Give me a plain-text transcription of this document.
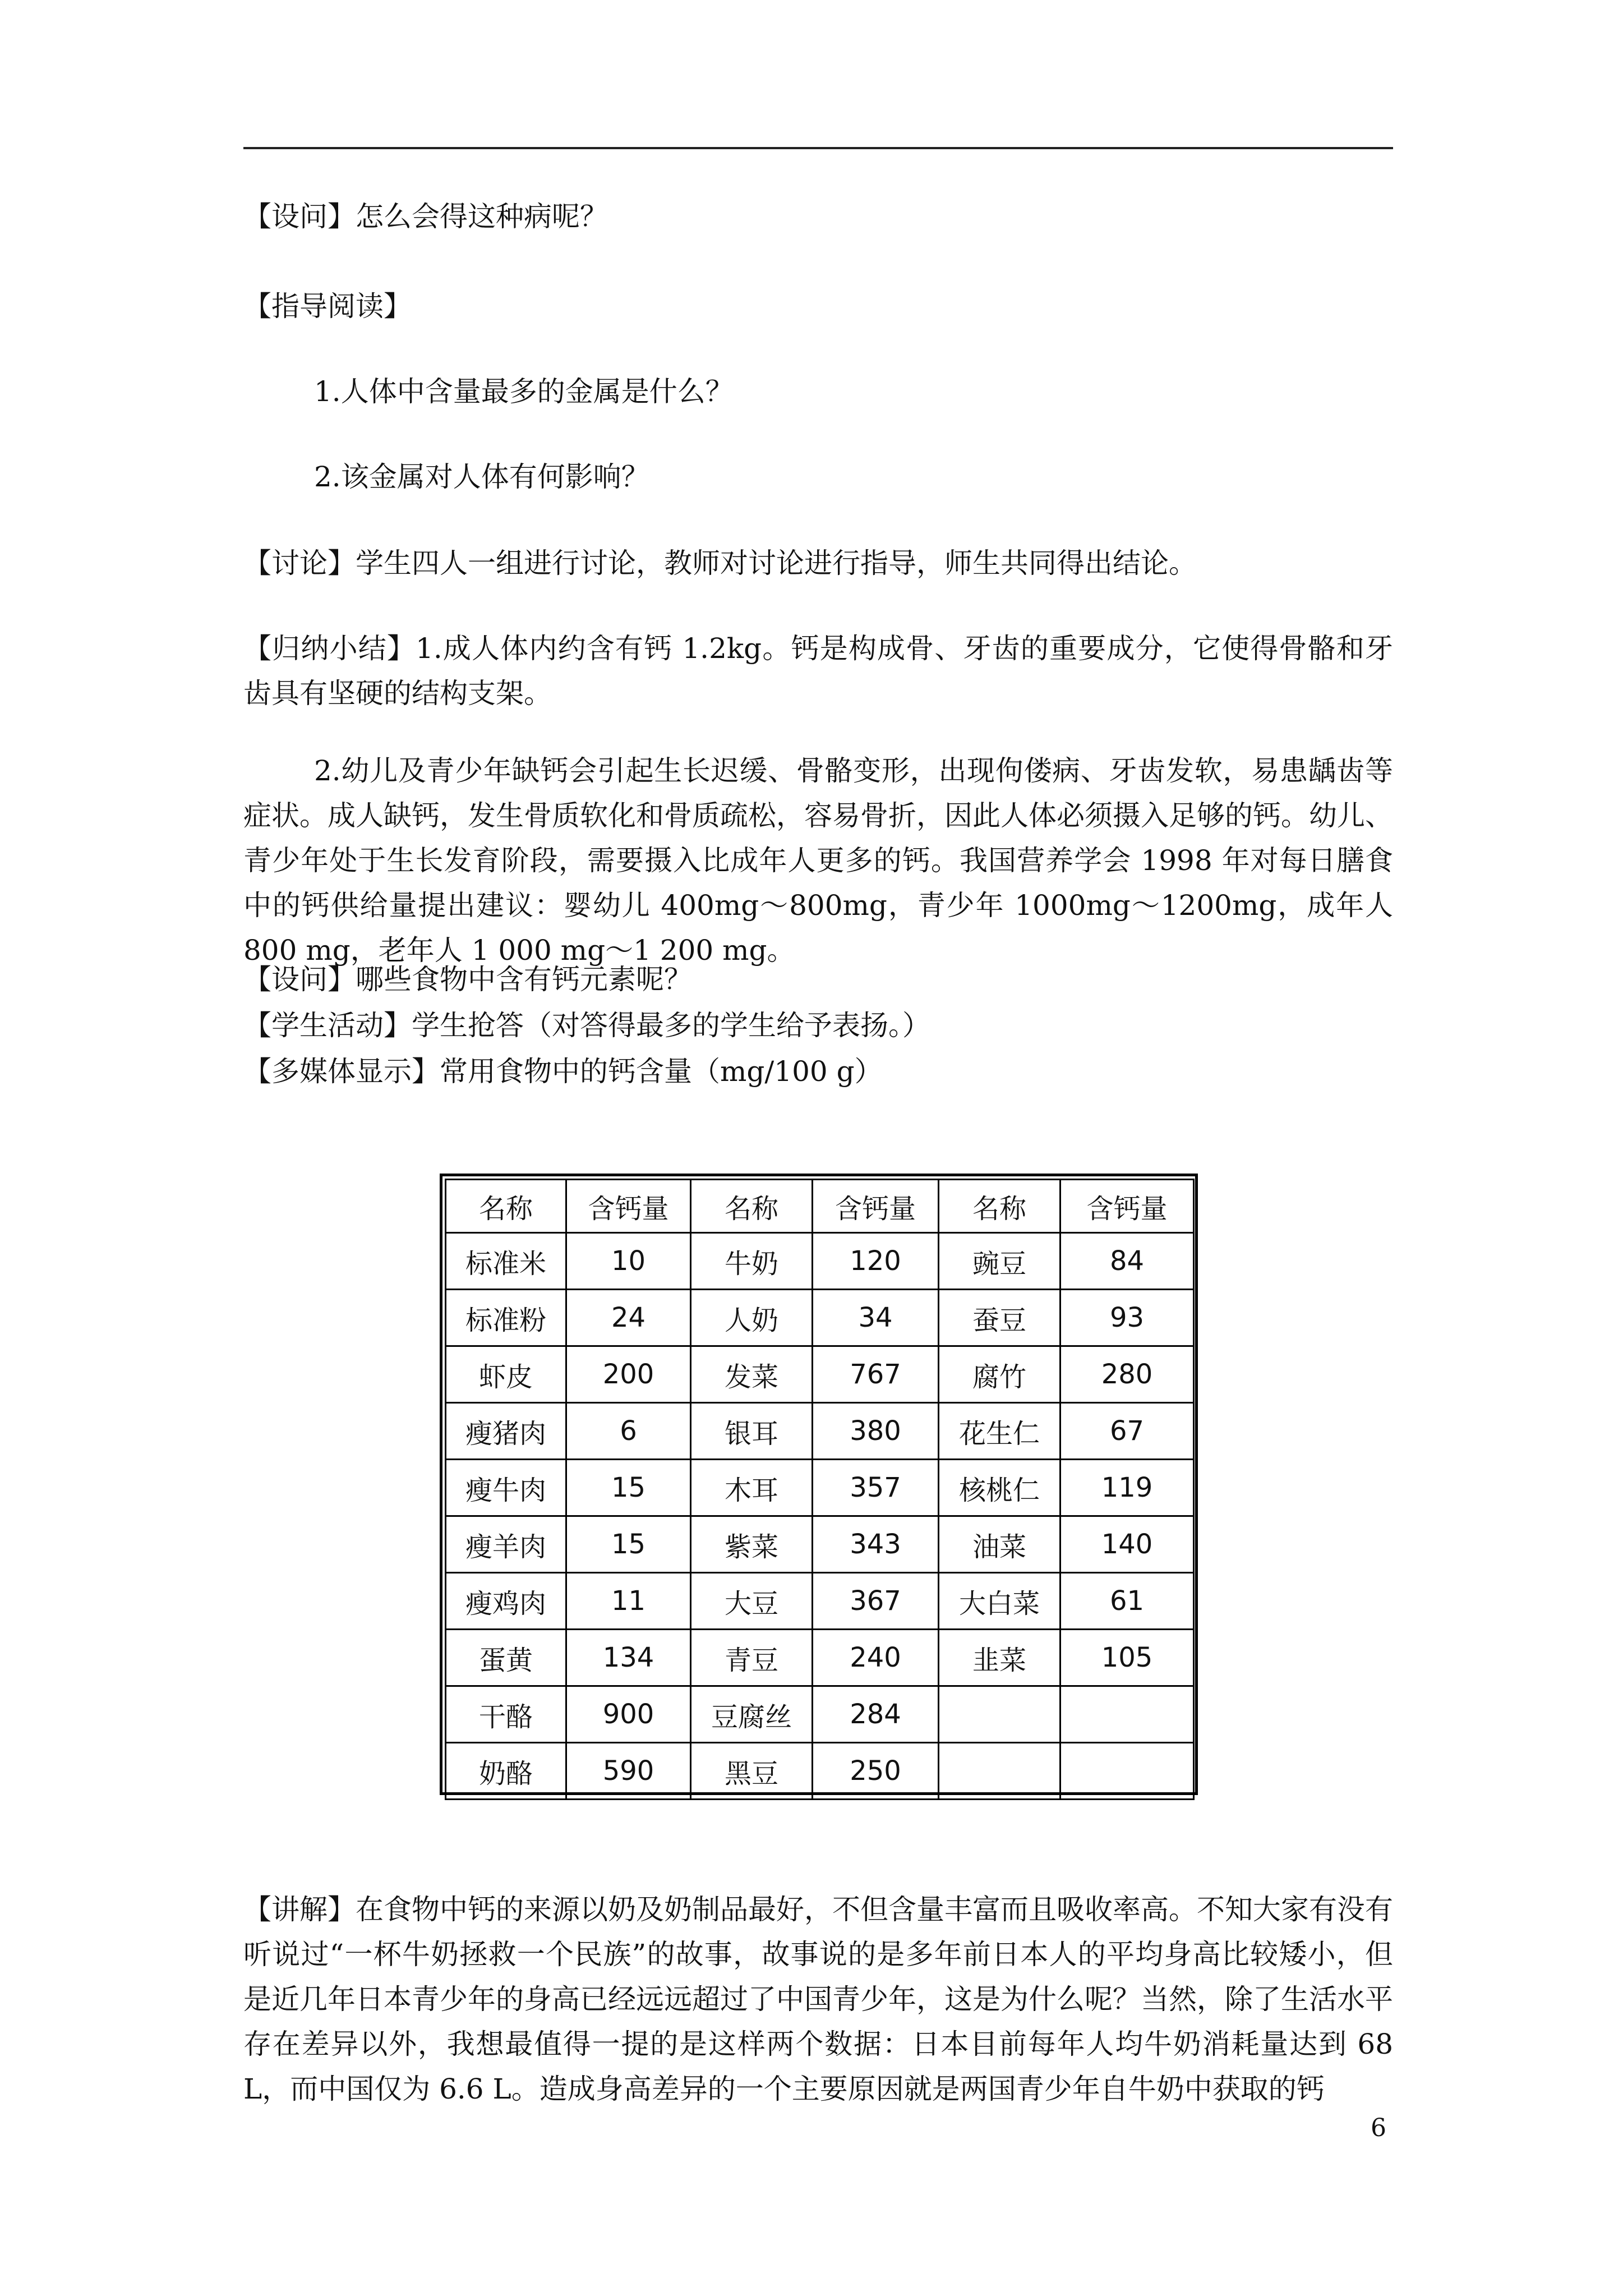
【设问】怎么会得这种病呢？
【指导阅读】
1.人体中含量最多的金属是什么？
2.该金属对人体有何影响？
【讨论】学生四人一组进行讨论，教师对讨论进行指导，师生共同得出结论。
【归纳小结】1.成人体内约含有钙 1.2kg。钙是构成骨、牙齿的重要成分，它使得骨骼和牙齿具有坚硬的结构支架。
2.幼儿及青少年缺钙会引起生长迟缓、骨骼变形，出现佝偻病、牙齿发软，易患龋齿等症状。成人缺钙，发生骨质软化和骨质疏松，容易骨折，因此人体必须摄入足够的钙。幼儿、青少年处于生长发育阶段，需要摄入比成年人更多的钙。我国营养学会 1998 年对每日膳食中的钙供给量提出建议：婴幼儿 400mg～800mg，青少年 1000mg～1200mg，成年人 800 mg，老年人 1 000 mg～1 200 mg。
【设问】哪些食物中含有钙元素呢？
【学生活动】学生抢答（对答得最多的学生给予表扬。）
【多媒体显示】常用食物中的钙含量（mg/100 g）
名称	含钙量	名称	含钙量	名称	含钙量
标准米	10	牛奶	120	豌豆	84
标准粉	24	人奶	34	蚕豆	93
虾皮	200	发菜	767	腐竹	280
瘦猪肉	6	银耳	380	花生仁	67
瘦牛肉	15	木耳	357	核桃仁	119
瘦羊肉	15	紫菜	343	油菜	140
瘦鸡肉	11	大豆	367	大白菜	61
蛋黄	134	青豆	240	韭菜	105
干酪	900	豆腐丝	284		
奶酪	590	黑豆	250		
【讲解】在食物中钙的来源以奶及奶制品最好，不但含量丰富而且吸收率高。不知大家有没有听说过“一杯牛奶拯救一个民族”的故事，故事说的是多年前日本人的平均身高比较矮小，但是近几年日本青少年的身高已经远远超过了中国青少年，这是为什么呢？当然，除了生活水平存在差异以外，我想最值得一提的是这样两个数据：日本目前每年人均牛奶消耗量达到 68 L，而中国仅为 6.6 L。造成身高差异的一个主要原因就是两国青少年自牛奶中获取的钙
6
